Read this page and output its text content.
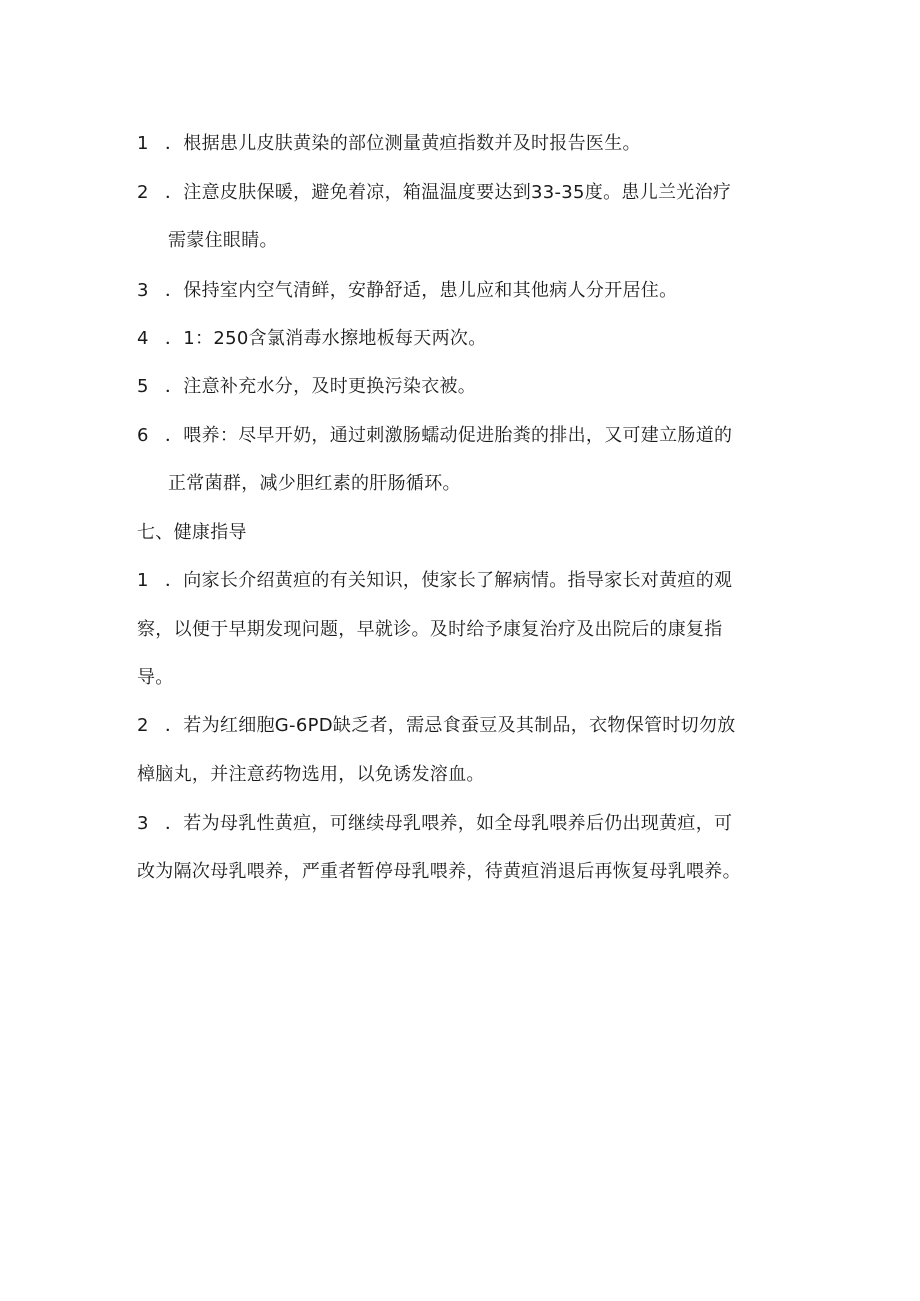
1 ．根据患儿皮肤黄染的部位测量黄疸指数并及时报告医生。
2 ．注意皮肤保暖，避免着凉，箱温温度要达到33-35度。患儿兰光治疗
需蒙住眼睛。
3 ．保持室内空气清鲜，安静舒适，患儿应和其他病人分开居住。
4 ．1：250含氯消毒水擦地板每天两次。
5 ．注意补充水分，及时更换污染衣被。
6 ．喂养：尽早开奶，通过刺激肠蠕动促进胎粪的排出，又可建立肠道的
正常菌群，减少胆红素的肝肠循环。
七、健康指导
1 ．向家长介绍黄疸的有关知识，使家长了解病情。指导家长对黄疸的观
察，以便于早期发现问题，早就诊。及时给予康复治疗及出院后的康复指
导。
2 ．若为红细胞G-6PD缺乏者，需忌食蚕豆及其制品，衣物保管时切勿放
樟脑丸，并注意药物选用，以免诱发溶血。
3 ．若为母乳性黄疸，可继续母乳喂养，如全母乳喂养后仍出现黄疸，可
改为隔次母乳喂养，严重者暂停母乳喂养，待黄疸消退后再恢复母乳喂养。
